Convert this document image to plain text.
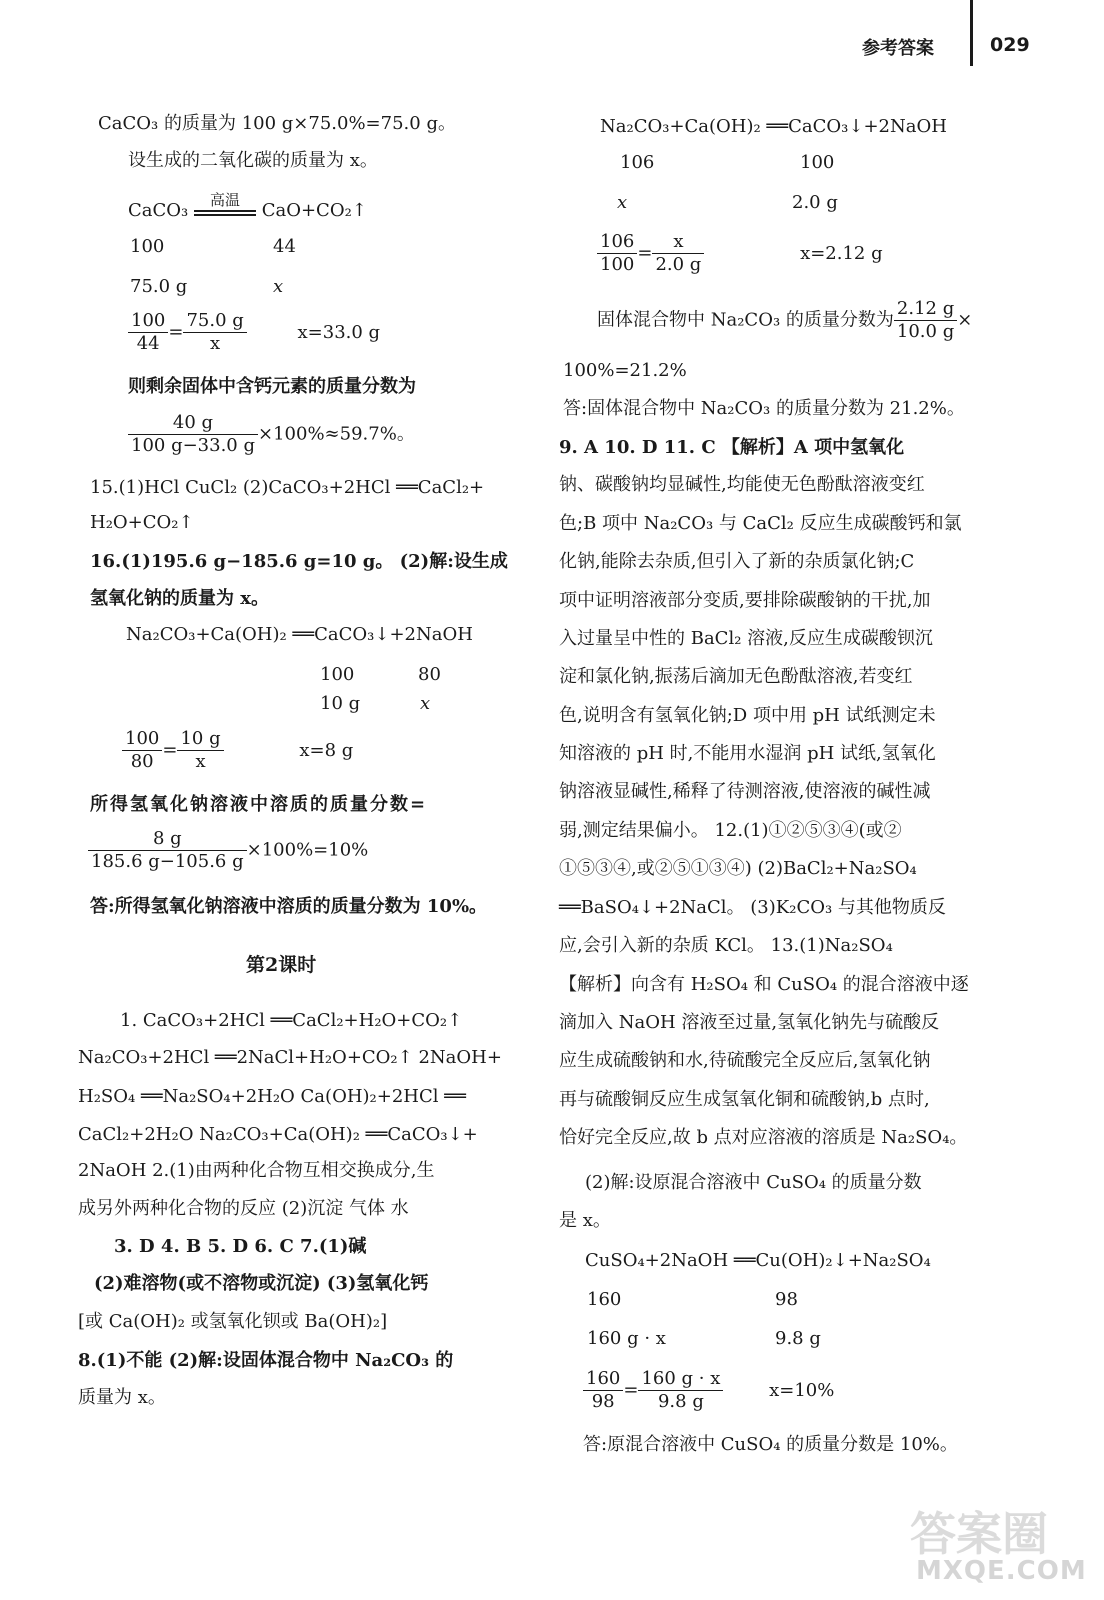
参考答案	029
CaCO₃ 的质量为 100 g×75.0%=75.0 g。
设生成的二氧化碳的质量为 x。
CaCO₃	高温	CaO+CO₂↑
100	44
75.0 g	x
$\frac{100}{44} = \frac{75.0 g}{x}$	x=33.0 g
则剩余固体中含钙元素的质量分数为
$\frac{40 g}{100 g-33.0 g} \times 100\%\approx 59.7\%$。
15.(1)HCl CuCl₂ (2)CaCO₃+2HCl ══CaCl₂+
H₂O+CO₂↑
16.(1)195.6 g−185.6 g=10 g。 (2)解:设生成
氢氧化钠的质量为 x。
Na₂CO₃+Ca(OH)₂ ══CaCO₃↓+2NaOH
100	80
10 g	x
$\frac{100}{80} = \frac{10 g}{x}$	x=8 g
所得氢氧化钠溶液中溶质的质量分数=
$\frac{8 g}{185.6 g-105.6 g} \times 100\%=10\%$
答:所得氢氧化钠溶液中溶质的质量分数为 10%。
第2课时
1. CaCO₃+2HCl ══CaCl₂+H₂O+CO₂↑
Na₂CO₃+2HCl ══2NaCl+H₂O+CO₂↑ 2NaOH+
H₂SO₄ ══Na₂SO₄+2H₂O Ca(OH)₂+2HCl ══
CaCl₂+2H₂O Na₂CO₃+Ca(OH)₂ ══CaCO₃↓+
2NaOH 2.(1)由两种化合物互相交换成分,生
成另外两种化合物的反应 (2)沉淀 气体 水
3. D 4. B 5. D 6. C 7.(1)碱
(2)难溶物(或不溶物或沉淀) (3)氢氧化钙
[或 Ca(OH)₂ 或氢氧化钡或 Ba(OH)₂]
8.(1)不能 (2)解:设固体混合物中 Na₂CO₃ 的
质量为 x。
Na₂CO₃+Ca(OH)₂ ══CaCO₃↓+2NaOH
106	100
x	2.0 g
$\frac{106}{100} = \frac{x}{2.0 g}$	x=2.12 g
固体混合物中 Na₂CO₃ 的质量分数为 $\frac{2.12 g}{10.0 g}$ ×
100%=21.2%
答:固体混合物中 Na₂CO₃ 的质量分数为 21.2%。
9. A 10. D 11. C 【解析】A 项中氢氧化
钠、碳酸钠均显碱性,均能使无色酚酞溶液变红
色;B 项中 Na₂CO₃ 与 CaCl₂ 反应生成碳酸钙和氯
化钠,能除去杂质,但引入了新的杂质氯化钠;C
项中证明溶液部分变质,要排除碳酸钠的干扰,加
入过量呈中性的 BaCl₂ 溶液,反应生成碳酸钡沉
淀和氯化钠,振荡后滴加无色酚酞溶液,若变红
色,说明含有氢氧化钠;D 项中用 pH 试纸测定未
知溶液的 pH 时,不能用水湿润 pH 试纸,氢氧化
钠溶液显碱性,稀释了待测溶液,使溶液的碱性减
弱,测定结果偏小。 12.(1)①②⑤③④(或②
①⑤③④,或②⑤①③④) (2)BaCl₂+Na₂SO₄
══BaSO₄↓+2NaCl。 (3)K₂CO₃ 与其他物质反
应,会引入新的杂质 KCl。 13.(1)Na₂SO₄
【解析】向含有 H₂SO₄ 和 CuSO₄ 的混合溶液中逐
滴加入 NaOH 溶液至过量,氢氧化钠先与硫酸反
应生成硫酸钠和水,待硫酸完全反应后,氢氧化钠
再与硫酸铜反应生成氢氧化铜和硫酸钠,b 点时,
恰好完全反应,故 b 点对应溶液的溶质是 Na₂SO₄。
(2)解:设原混合溶液中 CuSO₄ 的质量分数
是 x。
CuSO₄+2NaOH ══Cu(OH)₂↓+Na₂SO₄
160	98
160 g · x	9.8 g
$\frac{160}{98} = \frac{160 g \cdot x}{9.8 g}$	x=10%
答:原混合溶液中 CuSO₄ 的质量分数是 10%。
答案圈
MXQE.COM
